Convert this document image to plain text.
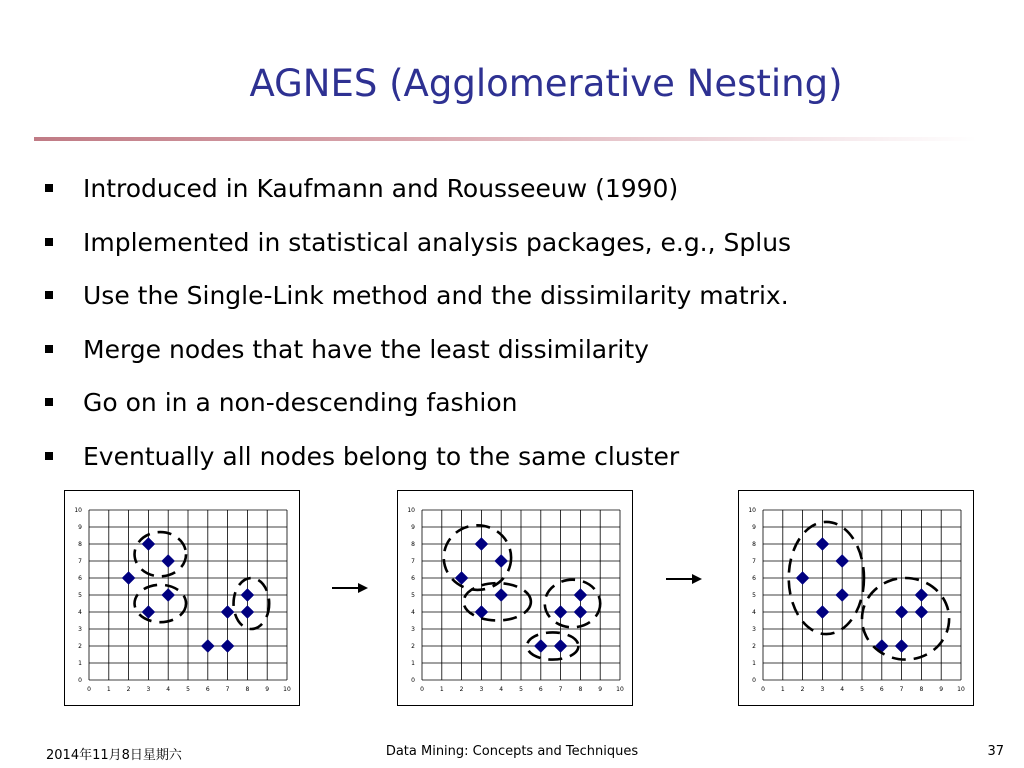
AGNES (Agglomerative Nesting)
Introduced in Kaufmann and Rousseeuw (1990)
Implemented in statistical analysis packages, e.g., Splus
Use the Single-Link method and the dissimilarity matrix.
Merge nodes that have the least dissimilarity
Go on in a non-descending fashion
Eventually all nodes belong to the same cluster
0	1	2	3	4	5	6	7	8	9 10
0
1
2
3
4
5
6
7
8
9
10
0	1	2	3	4	5	6	7	8	9 10
0
1
2
3
4
5
6
7
8
9
10
0	1	2	3	4	5	6	7	8	9 10
0
1
2
3
4
5
6
7
8
9
10
2014年11月8日星期六	Data Mining: Concepts and Techniques	37
